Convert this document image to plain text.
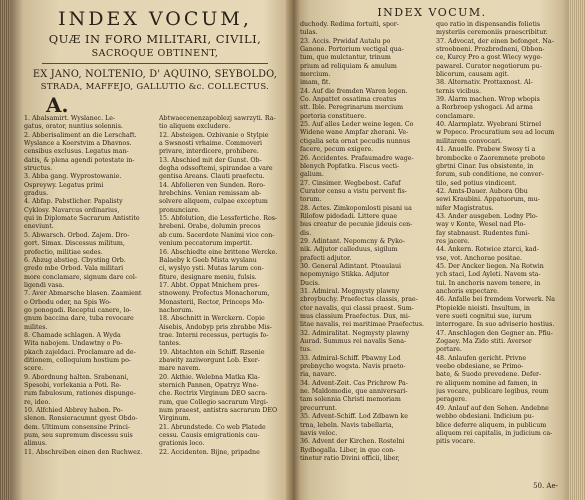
INDEX VOCUM,
QUÆ IN FORO MILITARI, CIVILI,
SACROQUE OBTINENT,
EX JANO, NOLTENIO, D' AQUINO, SEYBOLDO,
STRADA, MAFFEJO, GALLUTIO &c. COLLECTUS.
A.
1. Abalsamirt. Wyslanec. Le-
gatus, orator, nuntius solennis.
2. Abberisaliment an die Lerschaft.
Wyslance a Koerstvim a Dhavnos.
censibus exclusus. Legatus man-
datis, & plena agendi potestate in-
structus.
3. Abba gang. Wyprostowanie.
Ospreywy. Legatus primi
gradus.
4. Abfap. Pabstlicher. Papalisty
Cyklosy. Navarcus ordinarius,
qui in Diplomate Sacrarum Antistite
eneviunt.
5. Abwarsch. Orbod. Zajem. Dro-
gort. Simax. Discessus militum,
profectio, militiae sedes.
6. Abzug abstieg. Cbysting Orb.
gredo mbe Orbod. Vala militari
more conclamare, signum dare col-
ligendi vasa.
7. Aver Abmarsche blasen. Zaamient
o Orbodu oder, na Spis Wo-
go ponogadi. Receptui canere, lo-
gnum baccina dare, tuba revocare
milites.
8. Chamade schlagen. A Wyda
Wita nabojem. Undawtny o Po-
pkach zajeldaci. Proclamare ad de-
ditionem, colloquium hostium po-
scere.
9. Abordnung halten. Srabenani,
Spesobi, vorlekania a Poti. Re-
rum fabulosum, rationes dispunge-
re, ideo.
10. Alfchied Abbrey haben. Po-
slenon. Ronsieracumnt gyest Obdo-
dem. Ultimum consensine Princi-
pum, seu supremum discessu suis
alimus.
11. Abschreiben einen den Ruchwez.
Abtwaecenenzapoblezj sawrzyti. Ra-
tio aliquem excludere.
12. Absteigen. Ozbivanie o Stylpie
a Swsnosti vrhaime. Commoveri
privare, interdicere, prohibere.
13. Abschied mit der Gunst. Ob-
degha odssoftemi, spirandae a vare
gentisa Areans. Clauti praefectu.
14. Abfolieren ven Sunden. Roro-
hrebchins. Venian remissam ab-
solvere aliquem, culpae exceptum
pronunciare.
15. Abfolution, die Lessfertiche. Ros-
hrebeni. Orabe, dolumin precos
ab cum. Sacerdote Nanimi vice con-
venium peccatorum impertit.
16. Abschiedte eine brittene Wercke.
Balaeby k Geeb Mista wyslanu
ci, wyslyo ysti. Mutas larum con-
fiture, designare meniu, fulsis.
17. Abbt. Oppat Mnichem pres-
stnoweny. Profectus Monachorum,
Monasterii, Rector, Princeps Mo-
nachorum.
18. Abschnitt in Werckern. Copie
Aisebis, Andobyp pris zbrabbe Mis-
trae. Interni recessus, pertugis fo-
tantes.
19. Abtachten ein Schiff. Rzsenie
zbawity zaziworgunt Lob. Exer-
mare navem.
20. Akthie. Welebna Matka Kla-
sternich Pannen, Opatryz Wne-
che. Rectrix Virginum DEO sacra-
rum, que Collegio sacrarum Virgi-
num praeest, antistra sacrarum DEO
Virginum.
21. Abrundstede. Co web Platede
cessu. Causis emigrationis cau-
grationis loco.
22. Accidenten. Bijne, pripadne
INDEX VOCUM.
duchody. Redima fortuiti, spor-
tulas.
23. Accis. Prwidaf Autalu po
Ganone. Portorium vectigal qua-
tum, quo mulctantur, trinum
prium ad reliquiam & amulum mercium.
imam, fit.
24. Auf die fremden Waren legen.
Co. Anpattet ossatima creatus
stt. Ible. Peregrinarum mercium
portoria constituere.
25. Auf alles Leder weine legen. Co
Widene wane Ampfar zherani. Ve-
ctigalia seta ornat pecudis nunnus
facere, pecum exigere.
26. Accidentes. Prafaumadre wage-
blenych Popfatku. Fiscus vecti-
galium.
27. Cinsimer. Wegbebost. Cafuf
Curator censu a vistu pervent fis-
torum.
28. Actes. Zimkopomlosti pisani ua
Rilofow pidodadi. Littere quae
bus creatur de pecunie jideuis cen-
dis.
29. Adintant. Nepomcny & Pyko-
nik. Adjutor calleduus, sigilum
prafecti adjutor.
30. General Adintant. Ptoaulaui
nepomynigo Stikka. Adjutor
Ducis.
31. Admiral. Megmysty plawny
zbroybuchy. Praefectus classis, prae-
cter navalis, qui classi praest. Sum-
mus classium Praefectus. Dux, mi-
litae navalis, rei maritimae Praefectus.
32. Admiralitat. Negmysty plawny
Aurad. Summus rei navalis Sena-
tus.
33. Admiral-Schiff. Pbawny Lod
prebnycho wogsta. Navis praeto-
ria, navarc.
34. Advent-Zeit. Cas Prichrow Pa-
ne. Maldomodie, que anniversari-
tam solennia Christi memoriam
precurrunt.
35. Advent-Schiff. Lod Zdbawn ke
trna, lebeln. Navis tabellaria,
navis veloc.
36. Advent der Kirchen. Rostelni
Rydbogalla. Liber, in quo con-
tinetur ratio Divini officii, liber,
quo ratio in dispensandis folietis
mysteriis ceremoniis praescribitur.
37. Advocat, der einen befonget. Na-
stroobneni. Prozbrodneni, Obbon-
ce, Kurcy Pro a gost Wiecy wyge-
pawarel. Curator negotiorum pu-
blicorum, causam agit.
38. Alternativ. Prottaxnost. Al-
ternis vicibus.
39. Alarm machen. Wrop wbopis
a Rorbroep yshogaci. Ad arma
conclamare.
40. Alarmplatz. Wyebrani Stirnel
w Popeco. Procuratium seu ad locum
militarem convocari.
41. Anuelfe. Prabew Swosy ti a
brombocke o Zaoremnete prebote
gbrtni Cinar. Ius obsistente, in
forum, sub conditione, ne conver-
tilo, sed potius vindicent.
42. Amts-Dauer. Aubora Obu
sewi Kraubini. Appatuorum, mu-
nifer Magistratus.
43. Ander ausgeben. Lodny Plo-
way v Konte, Wesel nad Plo-
fay stabnaust. Rudentes funi-
res jacere.
44. Ankern. Rotwice ztarci, kad-
vse, vot. Anchorae positae.
45. Der Ancker liegen. Na Rotwin
ych staci, Lod Ayleti. Navem sta-
tui. In anchoris navem tenere, in
anchoris expectare.
46. Anfalle bei fremdem Vorwerk. Na
Ptopiekle nieisti. Insultum, in
vere sueti cognitui sue, iurum
interrogare. In suo adviserio hostius.
47. Anschlagen den Gegner an. Pfiu-
Zogaey. Ma Zido stiti. Aversor
portare.
48. Anlaufen gericht. Privne
veebo obdesiane, se Primo-
bate, & Suodo prevedene. Defer-
re aliquem nomine ad famen, in
jus vocare, publicare legibus, reum
peragere.
49. Anlauf auf den Sehen. Andebne
webbo obdesiani. Indicium pu-
blice deferre aliquem, in publicum
aliquem rei capitalis, in judicium ca-
pitis vocare.
50. Ae-
